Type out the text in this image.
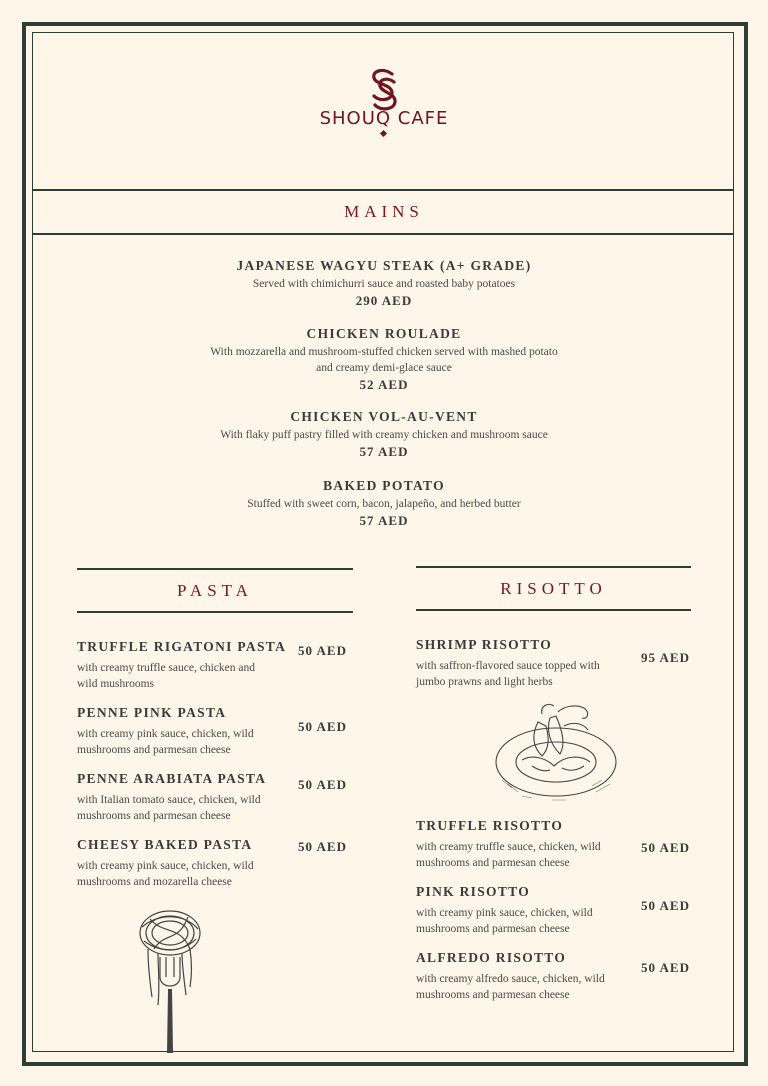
SHOUQ CAFE
MAINS
JAPANESE WAGYU STEAK (A+ GRADE)
Served with chimichurri sauce and roasted baby potatoes
290 AED
CHICKEN ROULADE
With mozzarella and mushroom-stuffed chicken served with mashed potato and creamy demi-glace sauce
52 AED
CHICKEN VOL-AU-VENT
With flaky puff pastry filled with creamy chicken and mushroom sauce
57 AED
BAKED POTATO
Stuffed with sweet corn, bacon, jalapeño, and herbed butter
57 AED
PASTA
TRUFFLE RIGATONI PASTA
with creamy truffle sauce, chicken and wild mushrooms
50 AED
PENNE PINK PASTA
with creamy pink sauce, chicken, wild mushrooms and parmesan cheese
50 AED
PENNE ARABIATA PASTA
with Italian tomato sauce, chicken, wild mushrooms and parmesan cheese
50 AED
CHEESY BAKED PASTA
with creamy pink sauce, chicken, wild mushrooms and mozarella cheese
50 AED
RISOTTO
SHRIMP RISOTTO
with saffron-flavored sauce topped with jumbo prawns and light herbs
95 AED
TRUFFLE RISOTTO
with creamy truffle sauce, chicken, wild mushrooms and parmesan cheese
50 AED
PINK RISOTTO
with creamy pink sauce, chicken, wild mushrooms and parmesan cheese
50 AED
ALFREDO RISOTTO
with creamy alfredo sauce, chicken, wild mushrooms and parmesan cheese
50 AED
